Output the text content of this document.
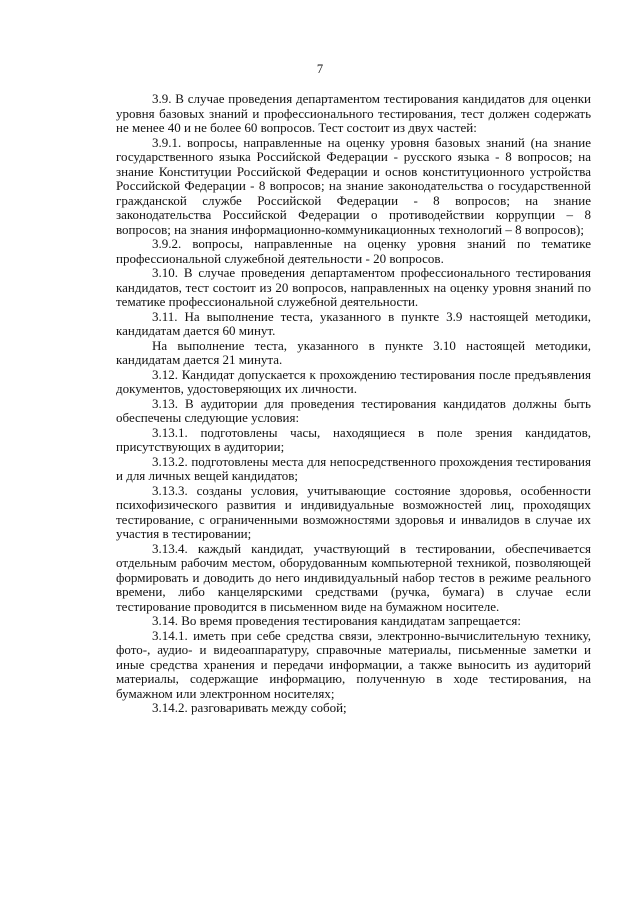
7

3.9. В случае проведения департаментом тестирования кандидатов для оценки уровня базовых знаний и профессионального тестирования, тест должен содержать не менее 40 и не более 60 вопросов. Тест состоит из двух частей:

3.9.1. вопросы, направленные на оценку уровня базовых знаний (на знание государственного языка Российской Федерации - русского языка - 8 вопросов; на знание Конституции Российской Федерации и основ конституционного устройства Российской Федерации - 8 вопросов; на знание законодательства о государственной гражданской службе Российской Федерации - 8 вопросов; на знание законодательства Российской Федерации о противодействии коррупции – 8 вопросов; на знания информационно-коммуникационных технологий – 8 вопросов);

3.9.2. вопросы, направленные на оценку уровня знаний по тематике профессиональной служебной деятельности - 20 вопросов.

3.10. В случае проведения департаментом профессионального тестирования кандидатов, тест состоит из 20 вопросов, направленных на оценку уровня знаний по тематике профессиональной служебной деятельности.

3.11. На выполнение теста, указанного в пункте 3.9 настоящей методики, кандидатам дается 60 минут.

На выполнение теста, указанного в пункте 3.10 настоящей методики, кандидатам дается 21 минута.

3.12. Кандидат допускается к прохождению тестирования после предъявления документов, удостоверяющих их личности.

3.13. В аудитории для проведения тестирования кандидатов должны быть обеспечены следующие условия:

3.13.1. подготовлены часы, находящиеся в поле зрения кандидатов, присутствующих в аудитории;

3.13.2. подготовлены места для непосредственного прохождения тестирования и для личных вещей кандидатов;

3.13.3. созданы условия, учитывающие состояние здоровья, особенности психофизического развития и индивидуальные возможностей лиц, проходящих тестирование, с ограниченными возможностями здоровья и инвалидов в случае их участия в тестировании;

3.13.4. каждый кандидат, участвующий в тестировании, обеспечивается отдельным рабочим местом, оборудованным компьютерной техникой, позволяющей формировать и доводить до него индивидуальный набор тестов в режиме реального времени, либо канцелярскими средствами (ручка, бумага) в случае если тестирование проводится в письменном виде на бумажном носителе.

3.14. Во время проведения тестирования кандидатам запрещается:

3.14.1. иметь при себе средства связи, электронно-вычислительную технику, фото-, аудио- и видеоаппаратуру, справочные материалы, письменные заметки и иные средства хранения и передачи информации, а также выносить из аудиторий материалы, содержащие информацию, полученную в ходе тестирования, на бумажном или электронном носителях;

3.14.2. разговаривать между собой;
